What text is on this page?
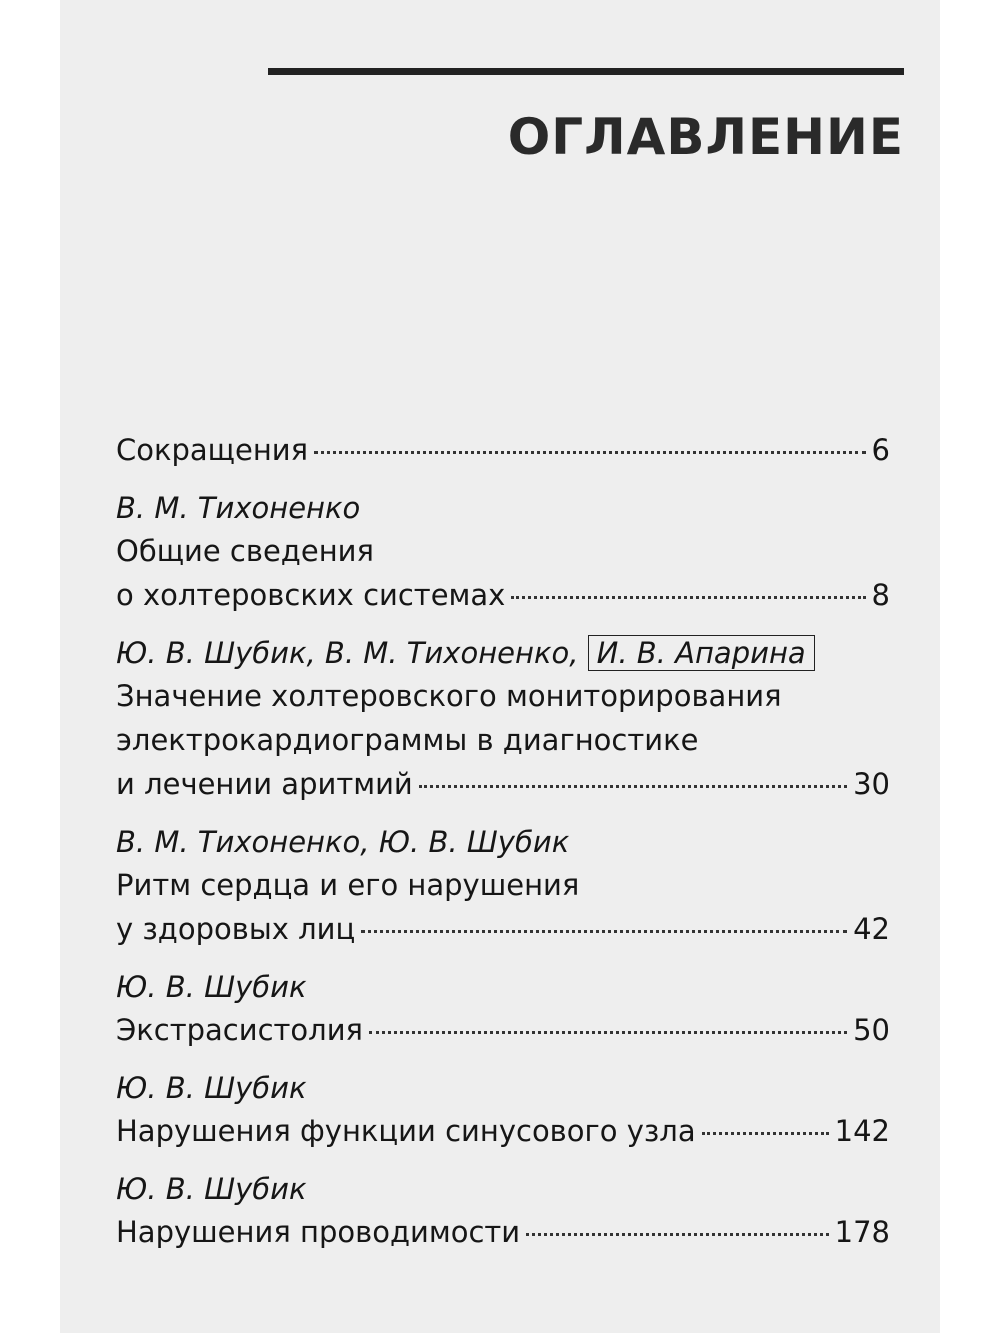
ОГЛАВЛЕНИЕ
Сокращения	6
В. М. Тихоненко
Общие сведения
о холтеровских системах	8
Ю. В. Шубик, В. М. Тихоненко, И. В. Апарина
Значение холтеровского мониторирования
электрокардиограммы в диагностике
и лечении аритмий	30
В. М. Тихоненко, Ю. В. Шубик
Ритм сердца и его нарушения
у здоровых лиц	42
Ю. В. Шубик
Экстрасистолия	50
Ю. В. Шубик
Нарушения функции синусового узла	142
Ю. В. Шубик
Нарушения проводимости	178
